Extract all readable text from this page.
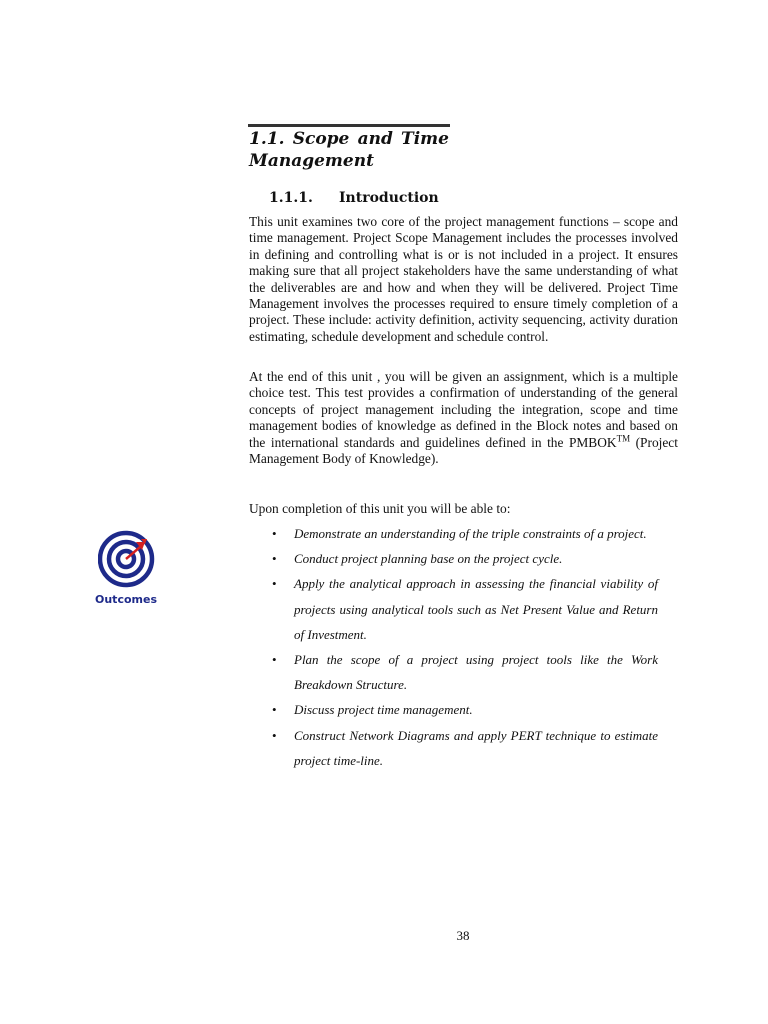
1.1. Scope and Time
Management
1.1.1. Introduction

This unit examines two core of the project management functions – scope and time management. Project Scope Management includes the processes involved in defining and controlling what is or is not included in a project. It ensures making sure that all project stakeholders have the same understanding of what the deliverables are and how and when they will be delivered. Project Time Management involves the processes required to ensure timely completion of a project. These include: activity definition, activity sequencing, activity duration estimating, schedule development and schedule control.

At the end of this unit , you will be given an assignment, which is a multiple choice test. This test provides a confirmation of understanding of the general concepts of project management including the integration, scope and time management bodies of knowledge as defined in the Block notes and based on the international standards and guidelines defined in the PMBOK™ (Project Management Body of Knowledge).

Upon completion of this unit you will be able to:

Outcomes
• Demonstrate an understanding of the triple constraints of a project.
• Conduct project planning base on the project cycle.
• Apply the analytical approach in assessing the financial viability of projects using analytical tools such as Net Present Value and Return of Investment.
• Plan the scope of a project using project tools like the Work Breakdown Structure.
• Discuss project time management.
• Construct Network Diagrams and apply PERT technique to estimate project time-line.
38
